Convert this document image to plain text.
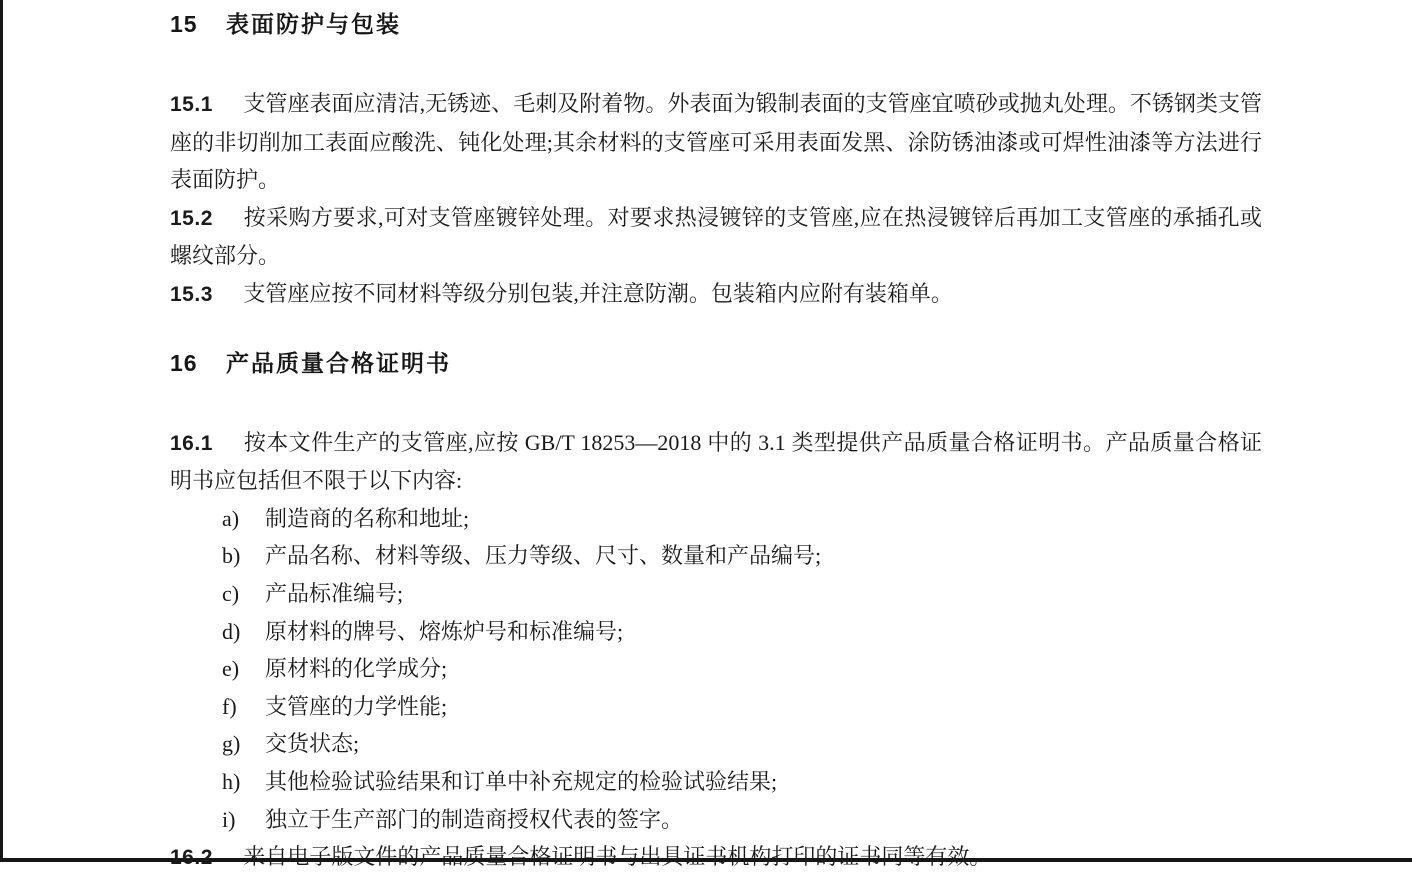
15 表面防护与包装

15.1 支管座表面应清洁,无锈迹、毛刺及附着物。外表面为锻制表面的支管座宜喷砂或抛丸处理。不锈钢类支管座的非切削加工表面应酸洗、钝化处理;其余材料的支管座可采用表面发黑、涂防锈油漆或可焊性油漆等方法进行表面防护。

15.2 按采购方要求,可对支管座镀锌处理。对要求热浸镀锌的支管座,应在热浸镀锌后再加工支管座的承插孔或螺纹部分。

15.3 支管座应按不同材料等级分别包装,并注意防潮。包装箱内应附有装箱单。

16 产品质量合格证明书

16.1 按本文件生产的支管座,应按 GB/T 18253—2018 中的 3.1 类型提供产品质量合格证明书。产品质量合格证明书应包括但不限于以下内容:

a) 制造商的名称和地址;
b) 产品名称、材料等级、压力等级、尺寸、数量和产品编号;
c) 产品标准编号;
d) 原材料的牌号、熔炼炉号和标准编号;
e) 原材料的化学成分;
f) 支管座的力学性能;
g) 交货状态;
h) 其他检验试验结果和订单中补充规定的检验试验结果;
i) 独立于生产部门的制造商授权代表的签字。

16.2 来自电子版文件的产品质量合格证明书与出具证书机构打印的证书同等有效。
